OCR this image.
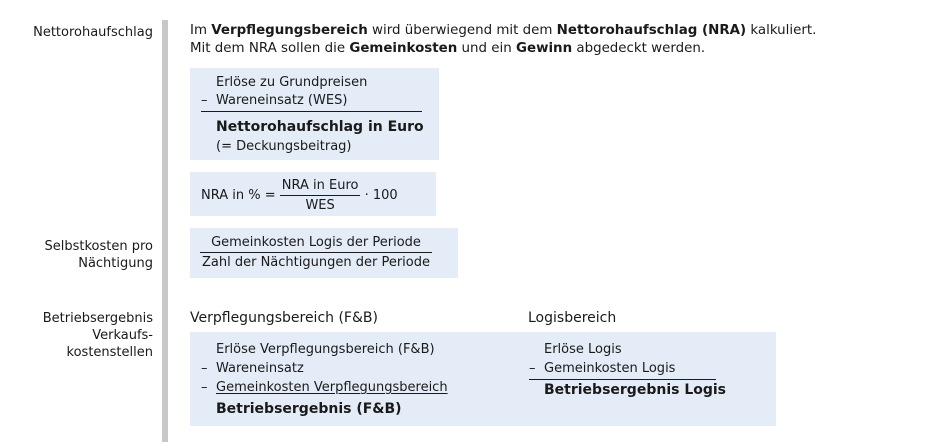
Nettorohaufschlag
Selbstkosten pro
Nächtigung
Betriebsergebnis
Verkaufs-
kostenstellen
Im Verpflegungsbereich wird überwiegend mit dem Nettorohaufschlag (NRA) kalkuliert.
Mit dem NRA sollen die Gemeinkosten und ein Gewinn abgedeckt werden.
Erlöse zu Grundpreisen
– Wareneinsatz (WES)
Nettorohaufschlag in Euro
(= Deckungsbeitrag)
NRA in % = $\frac{\text{NRA in Euro}}{\text{WES}} \cdot 100$
$\frac{\text{Gemeinkosten Logis der Periode}}{\text{Zahl der Nächtigungen der Periode}}$
Verpflegungsbereich (F&B)	Logisbereich
Erlöse Verpflegungsbereich (F&B)
– Wareneinsatz
– Gemeinkosten Verpflegungsbereich
Betriebsergebnis (F&B)
Erlöse Logis
– Gemeinkosten Logis
Betriebsergebnis Logis
